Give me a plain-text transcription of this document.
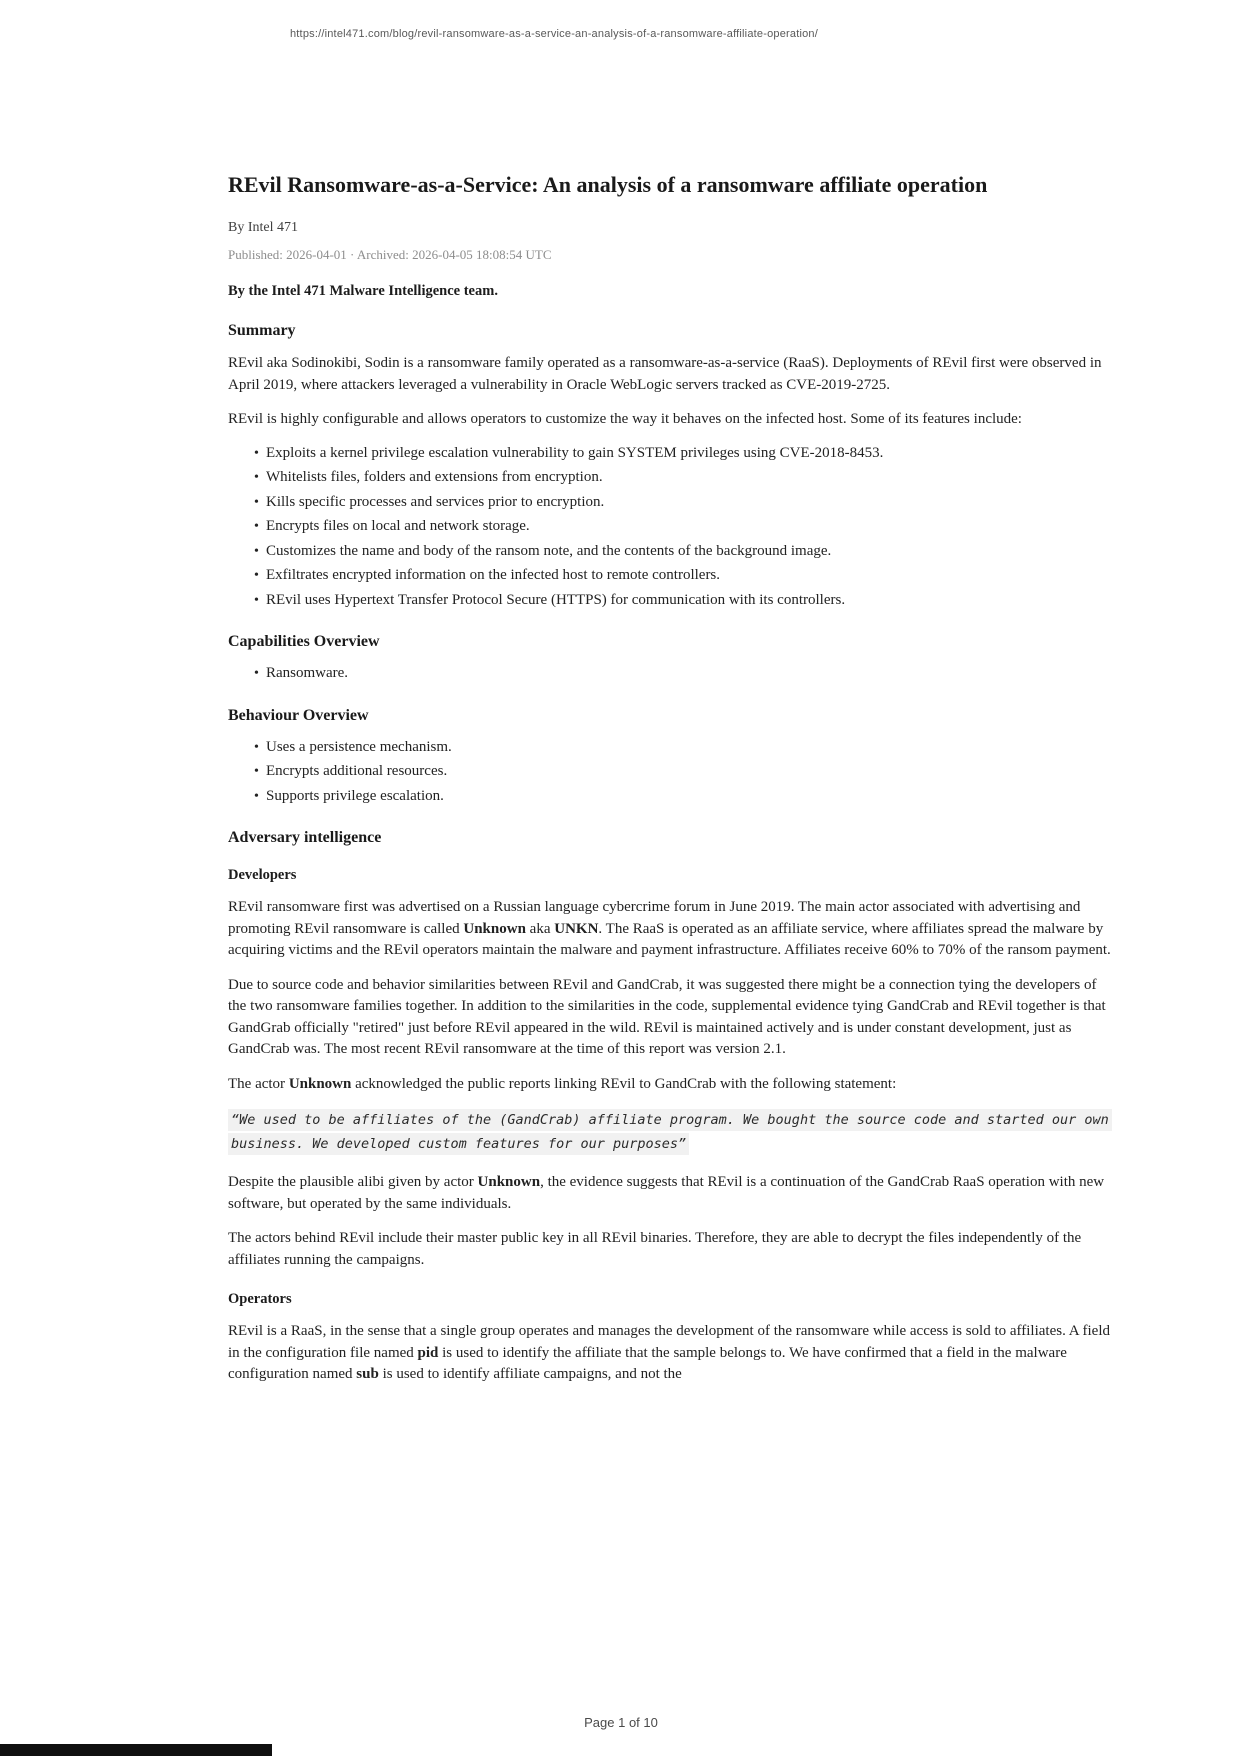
https://intel471.com/blog/revil-ransomware-as-a-service-an-analysis-of-a-ransomware-affiliate-operation/
REvil Ransomware-as-a-Service: An analysis of a ransomware affiliate operation
By Intel 471
Published: 2026-04-01 · Archived: 2026-04-05 18:08:54 UTC
By the Intel 471 Malware Intelligence team.
Summary

REvil aka Sodinokibi, Sodin is a ransomware family operated as a ransomware-as-a-service (RaaS). Deployments of REvil first were observed in April 2019, where attackers leveraged a vulnerability in Oracle WebLogic servers tracked as CVE-2019-2725.

REvil is highly configurable and allows operators to customize the way it behaves on the infected host. Some of its features include:

• Exploits a kernel privilege escalation vulnerability to gain SYSTEM privileges using CVE-2018-8453.
• Whitelists files, folders and extensions from encryption.
• Kills specific processes and services prior to encryption.
• Encrypts files on local and network storage.
• Customizes the name and body of the ransom note, and the contents of the background image.
• Exfiltrates encrypted information on the infected host to remote controllers.
• REvil uses Hypertext Transfer Protocol Secure (HTTPS) for communication with its controllers.
Capabilities Overview
• Ransomware.
Behaviour Overview
• Uses a persistence mechanism.
• Encrypts additional resources.
• Supports privilege escalation.
Adversary intelligence
Developers

REvil ransomware first was advertised on a Russian language cybercrime forum in June 2019. The main actor associated with advertising and promoting REvil ransomware is called Unknown aka UNKN. The RaaS is operated as an affiliate service, where affiliates spread the malware by acquiring victims and the REvil operators maintain the malware and payment infrastructure. Affiliates receive 60% to 70% of the ransom payment.

Due to source code and behavior similarities between REvil and GandCrab, it was suggested there might be a connection tying the developers of the two ransomware families together. In addition to the similarities in the code, supplemental evidence tying GandCrab and REvil together is that GandGrab officially "retired" just before REvil appeared in the wild. REvil is maintained actively and is under constant development, just as GandCrab was. The most recent REvil ransomware at the time of this report was version 2.1.

The actor Unknown acknowledged the public reports linking REvil to GandCrab with the following statement:

“We used to be affiliates of the (GandCrab) affiliate program. We bought the source code and started our own business. We developed custom features for our purposes”

Despite the plausible alibi given by actor Unknown, the evidence suggests that REvil is a continuation of the GandCrab RaaS operation with new software, but operated by the same individuals.

The actors behind REvil include their master public key in all REvil binaries. Therefore, they are able to decrypt the files independently of the affiliates running the campaigns.

Operators

REvil is a RaaS, in the sense that a single group operates and manages the development of the ransomware while access is sold to affiliates. A field in the configuration file named pid is used to identify the affiliate that the sample belongs to. We have confirmed that a field in the malware configuration named sub is used to identify affiliate campaigns, and not the

Page 1 of 10
